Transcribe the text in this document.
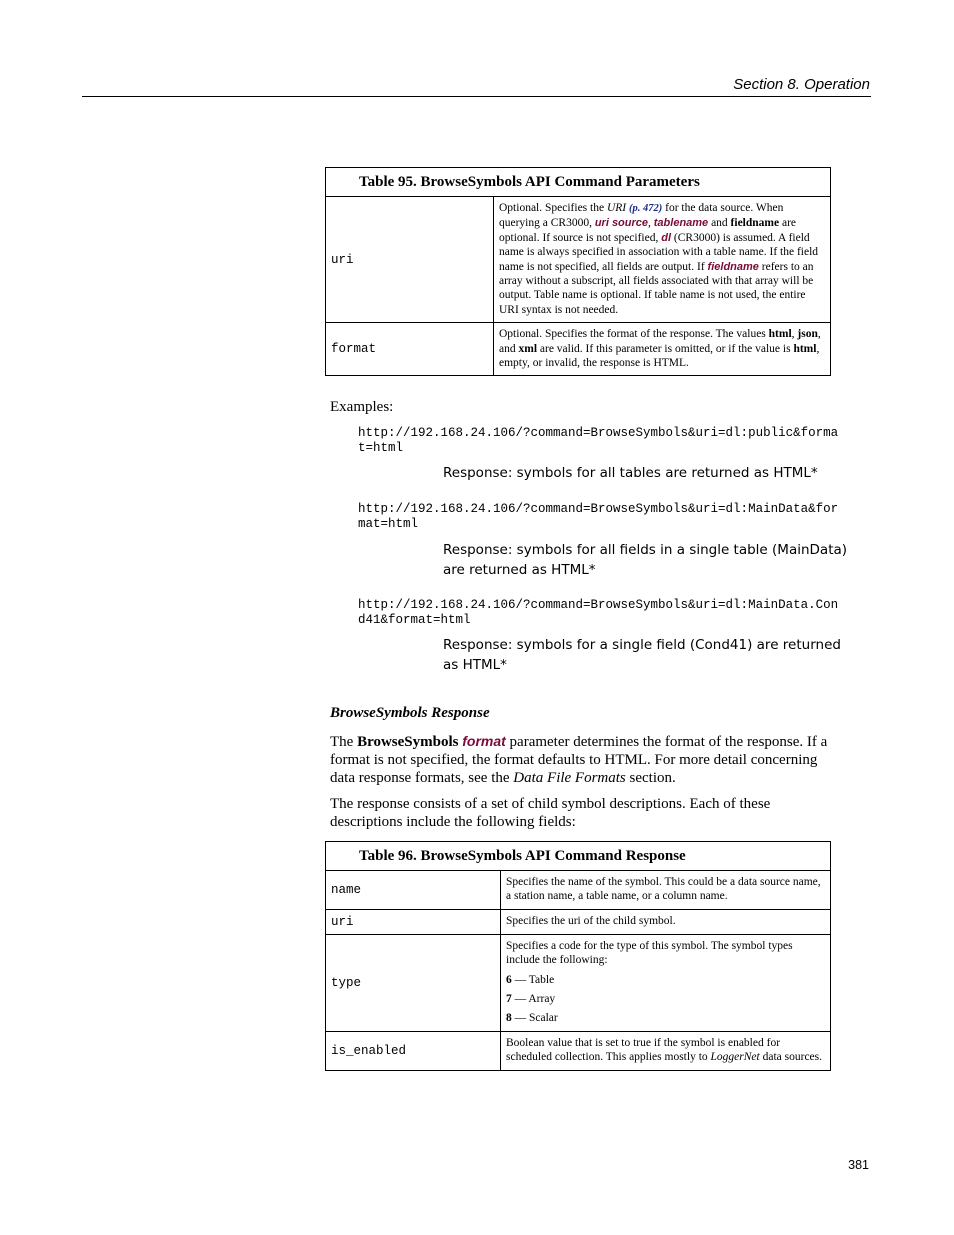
Section 8. Operation
Table 95. BrowseSymbols API Command Parameters	
uri	Optional. Specifies the URI (p. 472) for the data source. When querying a CR3000, uri source, tablename and fieldname are optional. If source is not specified, dl (CR3000) is assumed. A field name is always specified in association with a table name. If the field name is not specified, all fields are output. If fieldname refers to an array without a subscript, all fields associated with that array will be output. Table name is optional. If table name is not used, the entire URI syntax is not needed.
format	Optional. Specifies the format of the response. The values html, json, and xml are valid. If this parameter is omitted, or if the value is html, empty, or invalid, the response is HTML.
Examples:
http://192.168.24.106/?command=BrowseSymbols&uri=dl:public&forma
t=html
Response: symbols for all tables are returned as HTML*
http://192.168.24.106/?command=BrowseSymbols&uri=dl:MainData&for
mat=html
Response: symbols for all fields in a single table (MainData) are returned as HTML*
http://192.168.24.106/?command=BrowseSymbols&uri=dl:MainData.Con
d41&format=html
Response: symbols for a single field (Cond41) are returned as HTML*
BrowseSymbols Response
The BrowseSymbols format parameter determines the format of the response. If a format is not specified, the format defaults to HTML. For more detail concerning data response formats, see the Data File Formats section.
The response consists of a set of child symbol descriptions. Each of these descriptions include the following fields:
Table 96. BrowseSymbols API Command Response	
name	Specifies the name of the symbol. This could be a data source name, a station name, a table name, or a column name.
uri	Specifies the uri of the child symbol.
type	Specifies a code for the type of this symbol. The symbol types include the following:
6 — Table
7 — Array
8 — Scalar

is_enabled	Boolean value that is set to true if the symbol is enabled for scheduled collection. This applies mostly to LoggerNet data sources.
381
